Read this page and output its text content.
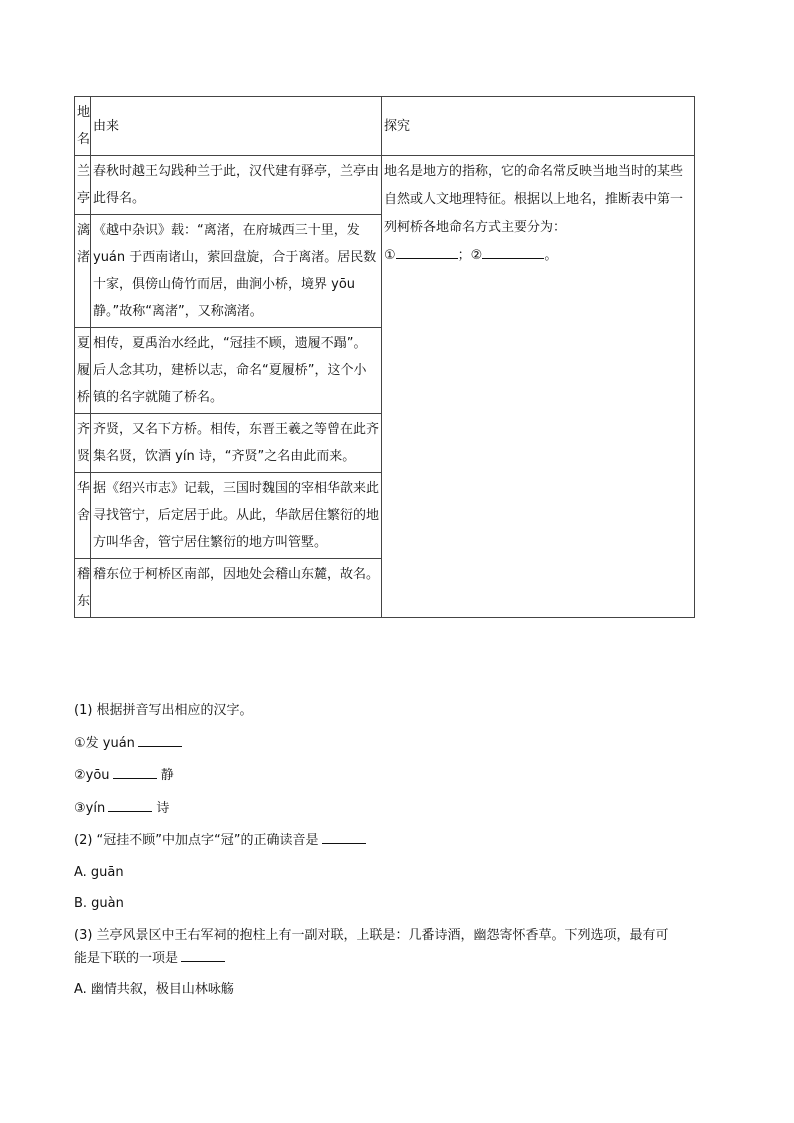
地名	由来	探究
兰亭	春秋时越王勾践种兰于此，汉代建有驿亭，兰亭由此得名。	地名是地方的指称，它的命名常反映当地当时的某些自然或人文地理特征。根据以上地名，推断表中第一列柯桥各地命名方式主要分为：
① ；② 。

漓渚	《越中杂识》载：“离渚，在府城西三十里，发 yuán 于西南诸山，萦回盘旋，合于离渚。居民数十家，俱傍山倚竹而居，曲涧小桥，境界 yōu静。”故称“离渚”，又称漓渚。	
夏履桥	相传，夏禹治水经此，“冠挂不顾，遗履不蹋”。后人念其功，建桥以志，命名“夏履桥”，这个小镇的名字就随了桥名。	
齐贤	齐贤，又名下方桥。相传，东晋王羲之等曾在此齐集名贤，饮酒 yín 诗，“齐贤”之名由此而来。	
华舍	据《绍兴市志》记载，三国时魏国的宰相华歆来此寻找管宁，后定居于此。从此，华歆居住繁衍的地方叫华舍，管宁居住繁衍的地方叫管墅。	
稽东	稽东位于柯桥区南部，因地处会稽山东麓，故名。	
(1) 根据拼音写出相应的汉字。
①发 yuán
②yōu	静
③yín	诗
(2) “冠挂不顾”中加点字“冠”的正确读音是
A. guān
B. guàn
(3) 兰亭风景区中王右军祠的抱柱上有一副对联，上联是：几番诗酒，幽怨寄怀香草。下列选项，最有可
能是下联的一项是
A. 幽情共叙，极目山林咏觞
